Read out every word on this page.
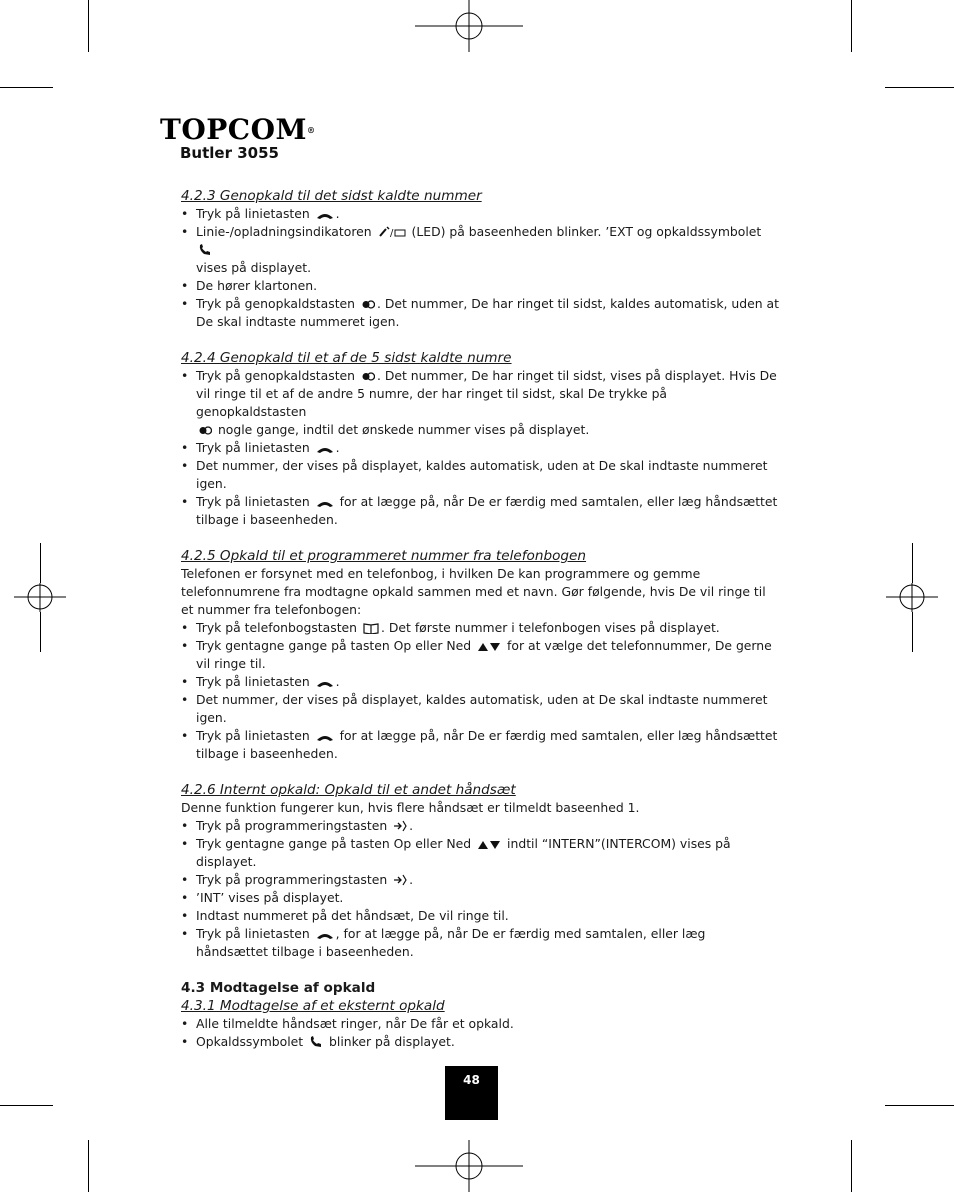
TOPCOM®
Butler 3055

4.2.3 Genopkald til det sidst kaldte nummer

• Tryk på linietasten .
• Linie-/opladningsindikatoren / (LED) på baseenheden blinker. ’EXT og opkaldssymbolet
vises på displayet.
• De hører klartonen.
• Tryk på genopkaldstasten . Det nummer, De har ringet til sidst, kaldes automatisk, uden at De skal indtaste nummeret igen.

4.2.4 Genopkald til et af de 5 sidst kaldte numre

• Tryk på genopkaldstasten . Det nummer, De har ringet til sidst, vises på displayet. Hvis De vil ringe til et af de andre 5 numre, der har ringet til sidst, skal De trykke på genopkaldstasten
nogle gange, indtil det ønskede nummer vises på displayet.
• Tryk på linietasten .
• Det nummer, der vises på displayet, kaldes automatisk, uden at De skal indtaste nummeret igen.
• Tryk på linietasten  for at lægge på, når De er færdig med samtalen, eller læg håndsættet tilbage i baseenheden.

4.2.5 Opkald til et programmeret nummer fra telefonbogen

Telefonen er forsynet med en telefonbog, i hvilken De kan programmere og gemme telefonnumrene fra modtagne opkald sammen med et navn. Gør følgende, hvis De vil ringe til et nummer fra telefonbogen:

• Tryk på telefonbogstasten . Det første nummer i telefonbogen vises på displayet.
• Tryk gentagne gange på tasten Op eller Ned  for at vælge det telefonnummer, De gerne vil ringe til.
• Tryk på linietasten .
• Det nummer, der vises på displayet, kaldes automatisk, uden at De skal indtaste nummeret igen.
• Tryk på linietasten  for at lægge på, når De er færdig med samtalen, eller læg håndsættet tilbage i baseenheden.

4.2.6 Internt opkald: Opkald til et andet håndsæt

Denne funktion fungerer kun, hvis flere håndsæt er tilmeldt baseenhed 1.

• Tryk på programmeringstasten .
• Tryk gentagne gange på tasten Op eller Ned  indtil “INTERN”(INTERCOM) vises på displayet.
• Tryk på programmeringstasten .
• ’INT’ vises på displayet.
• Indtast nummeret på det håndsæt, De vil ringe til.
• Tryk på linietasten , for at lægge på, når De er færdig med samtalen, eller læg håndsættet tilbage i baseenheden.

4.3 Modtagelse af opkald

4.3.1 Modtagelse af et eksternt opkald

• Alle tilmeldte håndsæt ringer, når De får et opkald.
• Opkaldssymbolet  blinker på displayet.
48
